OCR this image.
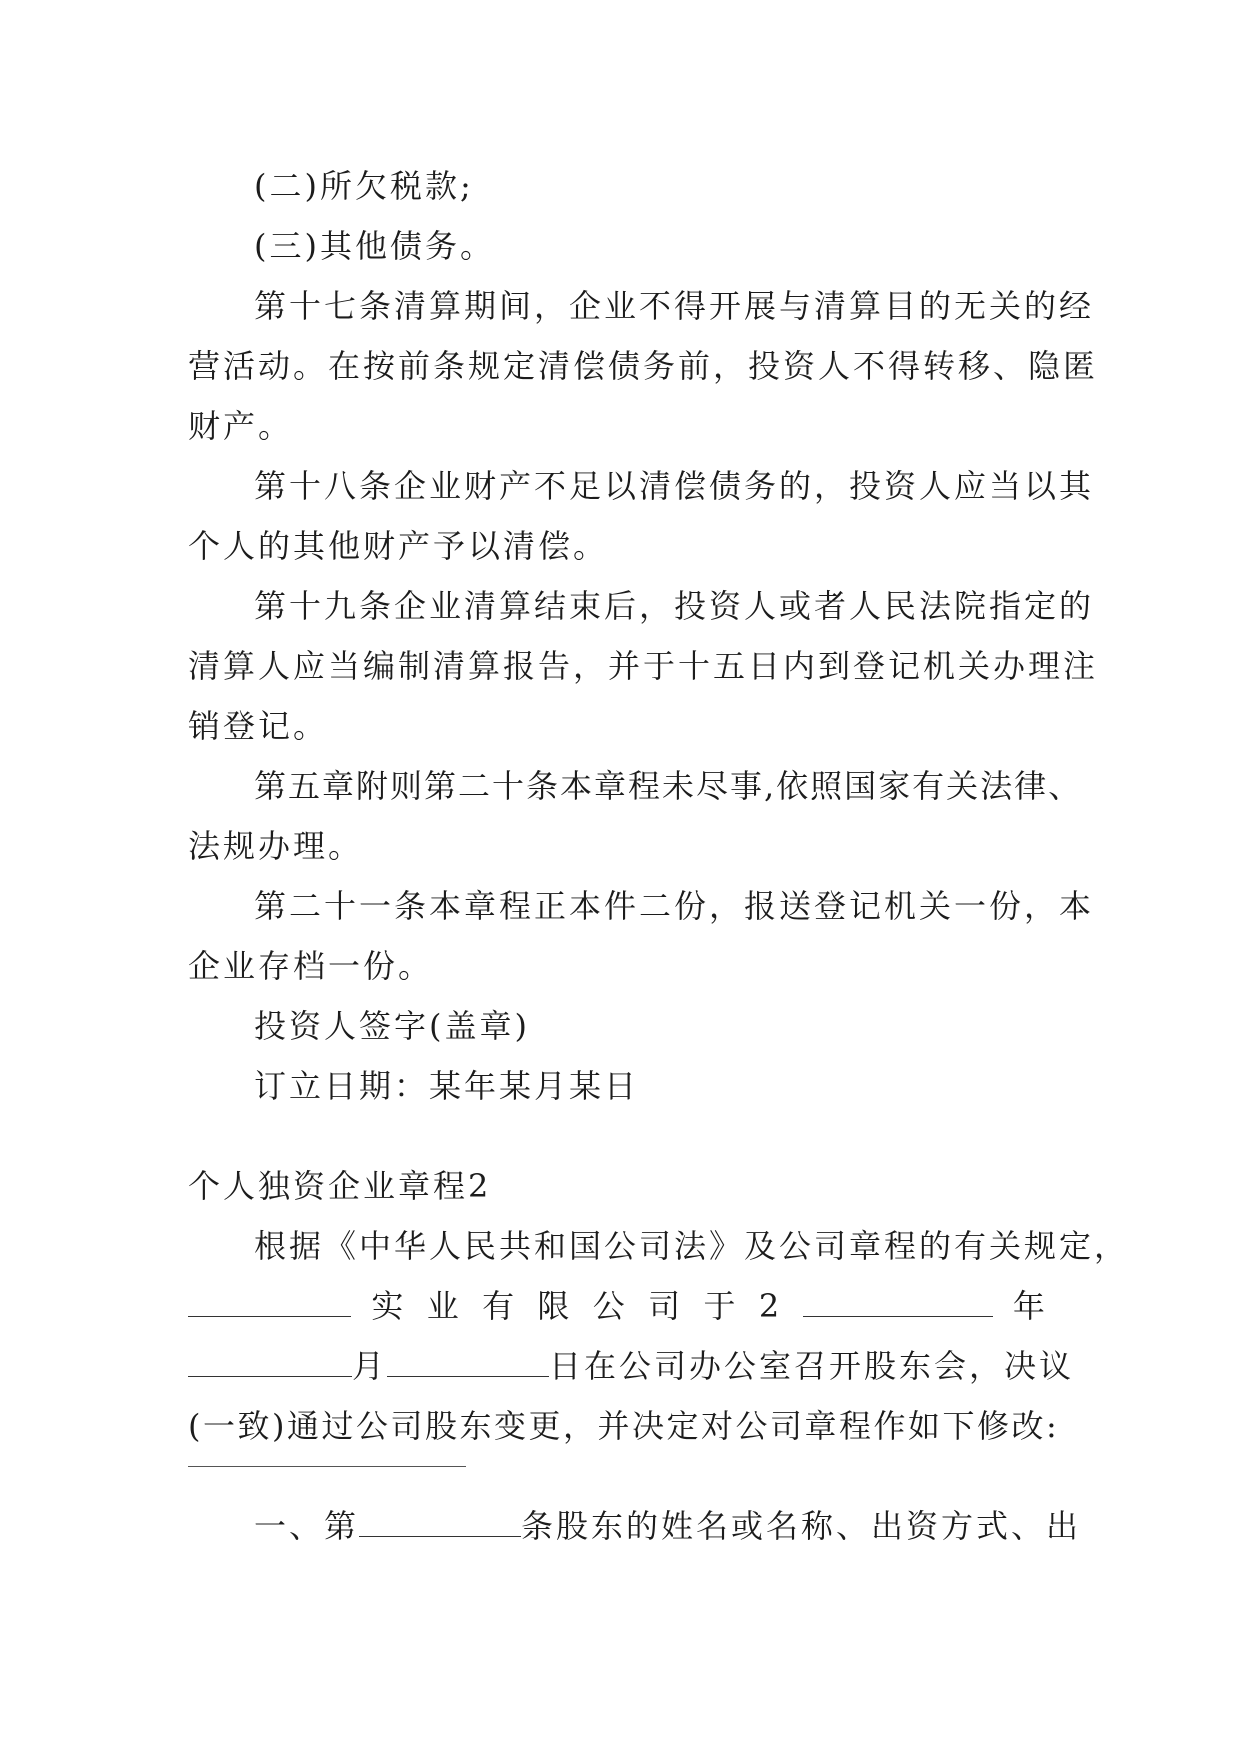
(二)所欠税款;
(三)其他债务。
第十七条清算期间，企业不得开展与清算目的无关的经
营活动。在按前条规定清偿债务前，投资人不得转移、隐匿
财产。
第十八条企业财产不足以清偿债务的，投资人应当以其
个人的其他财产予以清偿。
第十九条企业清算结束后，投资人或者人民法院指定的
清算人应当编制清算报告，并于十五日内到登记机关办理注
销登记。
第五章附则第二十条本章程未尽事,依照国家有关法律、
法规办理。
第二十一条本章程正本件二份，报送登记机关一份，本
企业存档一份。
投资人签字(盖章)
订立日期：某年某月某日
个人独资企业章程2
根据《中华人民共和国公司法》及公司章程的有关规定，
实 业 有 限 公 司 于 2	年
月	日在公司办公室召开股东会，决议
(一致)通过公司股东变更，并决定对公司章程作如下修改:
一、第	条股东的姓名或名称、出资方式、出
